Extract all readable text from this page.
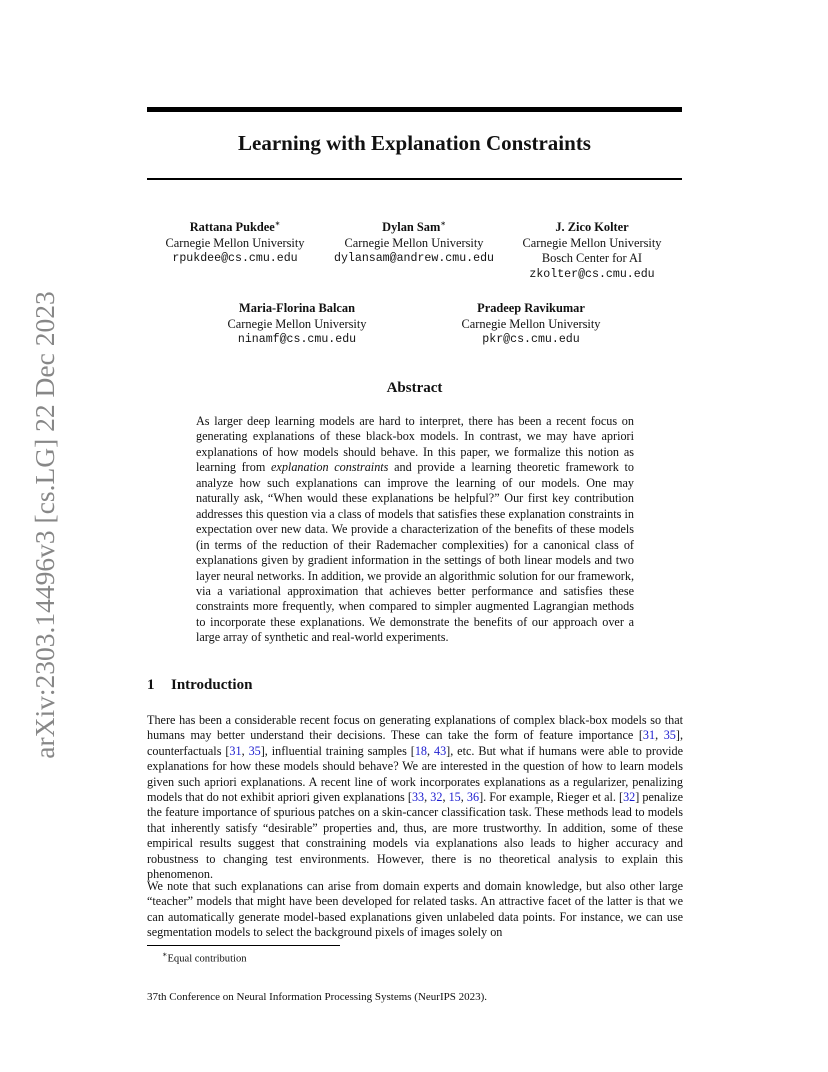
arXiv:2303.14496v3 [cs.LG] 22 Dec 2023
Learning with Explanation Constraints
Rattana Pukdee∗
Carnegie Mellon University
rpukdee@cs.cmu.edu
Dylan Sam∗
Carnegie Mellon University
dylansam@andrew.cmu.edu
J. Zico Kolter
Carnegie Mellon University
Bosch Center for AI
zkolter@cs.cmu.edu
Maria-Florina Balcan
Carnegie Mellon University
ninamf@cs.cmu.edu
Pradeep Ravikumar
Carnegie Mellon University
pkr@cs.cmu.edu
Abstract
As larger deep learning models are hard to interpret, there has been a recent focus on generating explanations of these black-box models. In contrast, we may have apriori explanations of how models should behave. In this paper, we formalize this notion as learning from explanation constraints and provide a learning theoretic framework to analyze how such explanations can improve the learning of our models. One may naturally ask, “When would these explanations be helpful?” Our first key contribution addresses this question via a class of models that satisfies these explanation constraints in expectation over new data. We provide a characterization of the benefits of these models (in terms of the reduction of their Rademacher complexities) for a canonical class of explanations given by gradient information in the settings of both linear models and two layer neural networks. In addition, we provide an algorithmic solution for our framework, via a variational approximation that achieves better performance and satisfies these constraints more frequently, when compared to simpler augmented Lagrangian methods to incorporate these explanations. We demonstrate the benefits of our approach over a large array of synthetic and real-world experiments.
1 Introduction
There has been a considerable recent focus on generating explanations of complex black-box models so that humans may better understand their decisions. These can take the form of feature importance [31, 35], counterfactuals [31, 35], influential training samples [18, 43], etc. But what if humans were able to provide explanations for how these models should behave? We are interested in the question of how to learn models given such apriori explanations. A recent line of work incorporates explanations as a regularizer, penalizing models that do not exhibit apriori given explanations [33, 32, 15, 36]. For example, Rieger et al. [32] penalize the feature importance of spurious patches on a skin-cancer classification task. These methods lead to models that inherently satisfy “desirable” properties and, thus, are more trustworthy. In addition, some of these empirical results suggest that constraining models via explanations also leads to higher accuracy and robustness to changing test environments. However, there is no theoretical analysis to explain this phenomenon.
We note that such explanations can arise from domain experts and domain knowledge, but also other large “teacher” models that might have been developed for related tasks. An attractive facet of the latter is that we can automatically generate model-based explanations given unlabeled data points. For instance, we can use segmentation models to select the background pixels of images solely on
∗Equal contribution
37th Conference on Neural Information Processing Systems (NeurIPS 2023).
